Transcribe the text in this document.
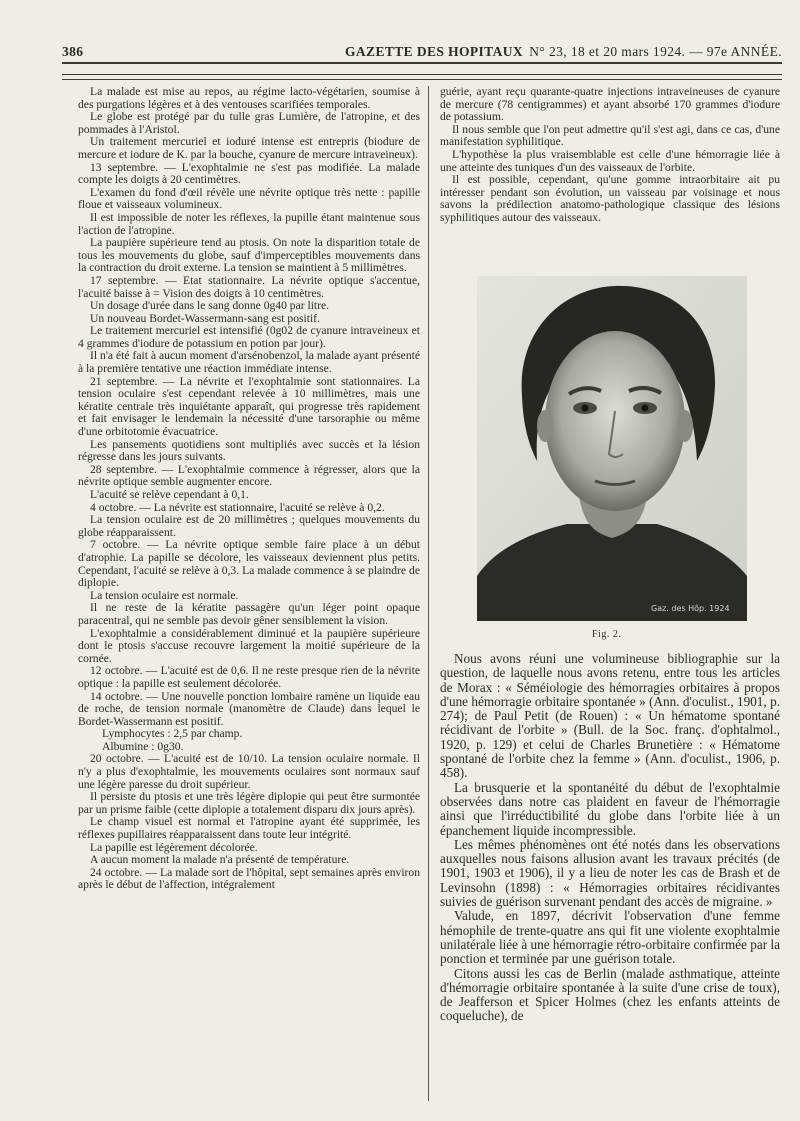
386	GAZETTE DES HOPITAUX N° 23, 18 et 20 mars 1924. — 97e ANNÉE.

La malade est mise au repos, au régime lacto-végétarien, soumise à des purgations légères et à des ventouses scarifiées temporales.

Le globe est protégé par du tulle gras Lumière, de l'atropine, et des pommades à l'Aristol.

Un traitement mercuriel et ioduré intense est entrepris (biodure de mercure et iodure de K. par la bouche, cyanure de mercure intraveineux).

13 septembre. — L'exophtalmie ne s'est pas modifiée. La malade compte les doigts à 20 centimètres.

L'examen du fond d'œil révèle une névrite optique très nette : papille floue et vaisseaux volumineux.

Il est impossible de noter les réflexes, la pupille étant maintenue sous l'action de l'atropine.

La paupière supérieure tend au ptosis. On note la disparition totale de tous les mouvements du globe, sauf d'imperceptibles mouvements dans la contraction du droit externe. La tension se maintient à 5 millimètres.

17 septembre. — Etat stationnaire. La névrite optique s'accentue, l'acuité baisse à = Vision des doigts à 10 centimètres.

Un dosage d'urée dans le sang donne 0g40 par litre.

Un nouveau Bordet-Wassermann-sang est positif.

Le traitement mercuriel est intensifié (0g02 de cyanure intraveineux et 4 grammes d'iodure de potassium en potion par jour).

Il n'a été fait à aucun moment d'arsénobenzol, la malade ayant présenté à la première tentative une réaction immédiate intense.

21 septembre. — La névrite et l'exophtalmie sont stationnaires. La tension oculaire s'est cependant relevée à 10 millimètres, mais une kératite centrale très inquiétante apparaît, qui progresse très rapidement et fait envisager le lendemain la nécessité d'une tarsoraphie ou même d'une orbitotomie évacuatrice.

Les pansements quotidiens sont multipliés avec succès et la lésion régresse dans les jours suivants.

28 septembre. — L'exophtalmie commence à régresser, alors que la névrite optique semble augmenter encore.

L'acuité se relève cependant à 0,1.

4 octobre. — La névrite est stationnaire, l'acuité se relève à 0,2.

La tension oculaire est de 20 millimètres ; quelques mouvements du globe réapparaissent.

7 octobre. — La névrite optique semble faire place à un début d'atrophie. La papille se décolore, les vaisseaux deviennent plus petits. Cependant, l'acuité se relève à 0,3. La malade commence à se plaindre de diplopie.

La tension oculaire est normale.

Il ne reste de la kératite passagère qu'un léger point opaque paracentral, qui ne semble pas devoir gêner sensiblement la vision.

L'exophtalmie a considérablement diminué et la paupière supérieure dont le ptosis s'accuse recouvre largement la moitié supérieure de la cornée.

12 octobre. — L'acuité est de 0,6. Il ne reste presque rien de la névrite optique : la papille est seulement décolorée.

14 octobre. — Une nouvelle ponction lombaire ramène un liquide eau de roche, de tension normale (manomètre de Claude) dans lequel le Bordet-Wassermann est positif.

Lymphocytes : 2,5 par champ.

Albumine : 0g30.

20 octobre. — L'acuité est de 10/10. La tension oculaire normale. Il n'y a plus d'exophtalmie, les mouvements oculaires sont normaux sauf une légère paresse du droit supérieur.

Il persiste du ptosis et une très légère diplopie qui peut être surmontée par un prisme faible (cette diplopie a totalement disparu dix jours après).

Le champ visuel est normal et l'atropine ayant été supprimée, les réflexes pupillaires réapparaissent dans toute leur intégrité.

La papille est légèrement décolorée.

A aucun moment la malade n'a présenté de température.

24 octobre. — La malade sort de l'hôpital, sept semaines après environ après le début de l'affection, intégralement

guérie, ayant reçu quarante-quatre injections intraveineuses de cyanure de mercure (78 centigrammes) et ayant absorbé 170 grammes d'iodure de potassium.

Il nous semble que l'on peut admettre qu'il s'est agi, dans ce cas, d'une manifestation syphilitique.

L'hypothèse la plus vraisemblable est celle d'une hémorragie liée à une atteinte des tuniques d'un des vaisseaux de l'orbite.

Il est possible, cependant, qu'une gomme intraorbitaire ait pu intéresser pendant son évolution, un vaisseau par voisinage et nous savons la prédilection anatomo-pathologique classique des lésions syphilitiques autour des vaisseaux.

Gaz. des Hôp. 1924
Fig. 2.

Nous avons réuni une volumineuse bibliographie sur la question, de laquelle nous avons retenu, entre tous les articles de Morax : « Séméiologie des hémorragies orbitaires à propos d'une hémorragie orbitaire spontanée » (Ann. d'oculist., 1901, p. 274); de Paul Petit (de Rouen) : « Un hématome spontané récidivant de l'orbite » (Bull. de la Soc. franç. d'ophtalmol., 1920, p. 129) et celui de Charles Brunetière : « Hématome spontané de l'orbite chez la femme » (Ann. d'oculist., 1906, p. 458).

La brusquerie et la spontanéité du début de l'exophtalmie observées dans notre cas plaident en faveur de l'hémorragie ainsi que l'irréductibilité du globe dans l'orbite liée à un épanchement liquide incompressible.

Les mêmes phénomènes ont été notés dans les observations auxquelles nous faisons allusion avant les travaux précités (de 1901, 1903 et 1906), il y a lieu de noter les cas de Brash et de Levinsohn (1898) : « Hémorragies orbitaires récidivantes suivies de guérison survenant pendant des accès de migraine. »

Valude, en 1897, décrivit l'observation d'une femme hémophile de trente-quatre ans qui fit une violente exophtalmie unilatérale liée à une hémorragie rétro-orbitaire confirmée par la ponction et terminée par une guérison totale.

Citons aussi les cas de Berlin (malade asthmatique, atteinte d'hémorragie orbitaire spontanée à la suite d'une crise de toux), de Jeafferson et Spicer Holmes (chez les enfants atteints de coqueluche), de
